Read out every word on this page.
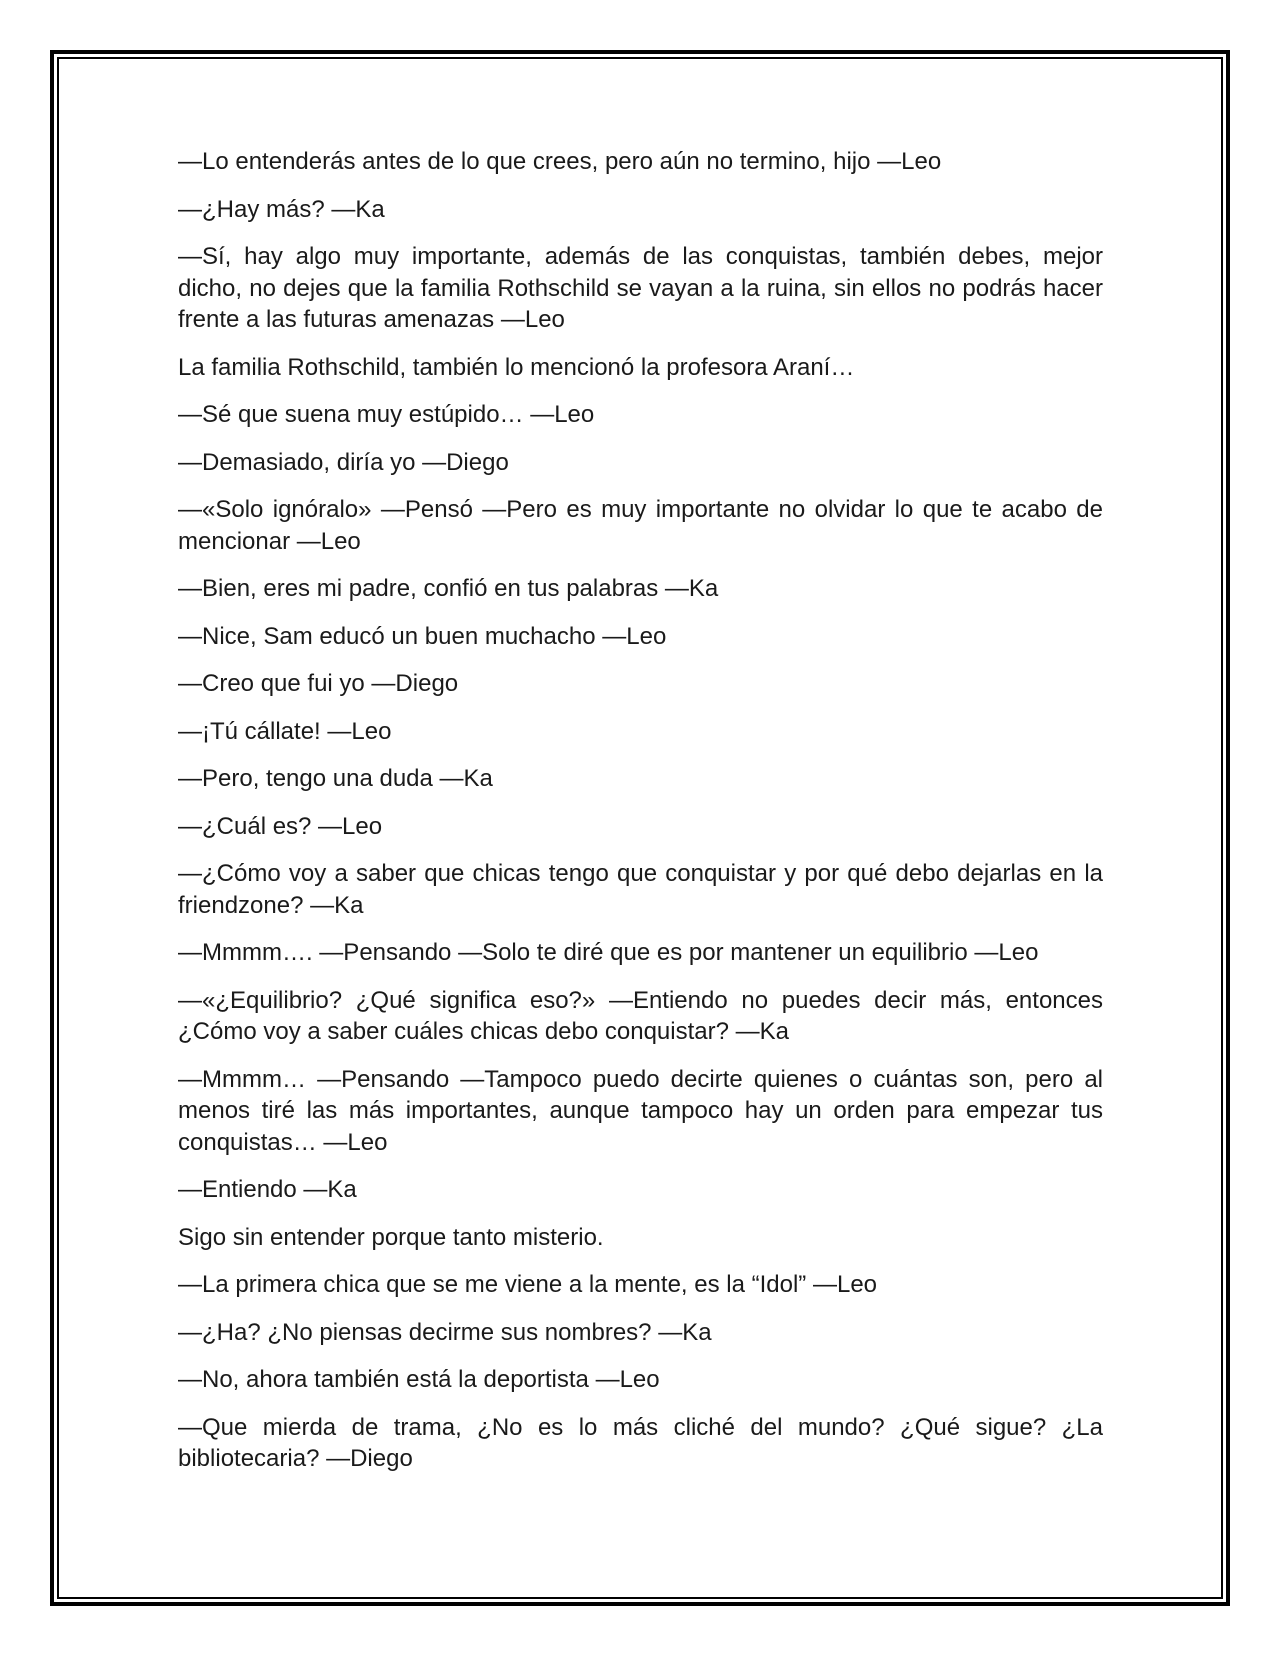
—Lo entenderás antes de lo que crees, pero aún no termino, hijo —Leo

—¿Hay más? —Ka

—Sí, hay algo muy importante, además de las conquistas, también debes, mejor dicho, no dejes que la familia Rothschild se vayan a la ruina, sin ellos no podrás hacer frente a las futuras amenazas —Leo

La familia Rothschild, también lo mencionó la profesora Araní…

—Sé que suena muy estúpido… —Leo

—Demasiado, diría yo —Diego

—«Solo ignóralo» —Pensó —Pero es muy importante no olvidar lo que te acabo de mencionar —Leo

—Bien, eres mi padre, confió en tus palabras —Ka

—Nice, Sam educó un buen muchacho —Leo

—Creo que fui yo —Diego

—¡Tú cállate! —Leo

—Pero, tengo una duda —Ka

—¿Cuál es? —Leo

—¿Cómo voy a saber que chicas tengo que conquistar y por qué debo dejarlas en la friendzone? —Ka

—Mmmm…. —Pensando —Solo te diré que es por mantener un equilibrio —Leo

—«¿Equilibrio? ¿Qué significa eso?» —Entiendo no puedes decir más, entonces ¿Cómo voy a saber cuáles chicas debo conquistar? —Ka

—Mmmm… —Pensando —Tampoco puedo decirte quienes o cuántas son, pero al menos tiré las más importantes, aunque tampoco hay un orden para empezar tus conquistas… —Leo

—Entiendo —Ka

Sigo sin entender porque tanto misterio.

—La primera chica que se me viene a la mente, es la “Idol” —Leo

—¿Ha? ¿No piensas decirme sus nombres? —Ka

—No, ahora también está la deportista —Leo

—Que mierda de trama, ¿No es lo más cliché del mundo? ¿Qué sigue? ¿La bibliotecaria? —Diego
